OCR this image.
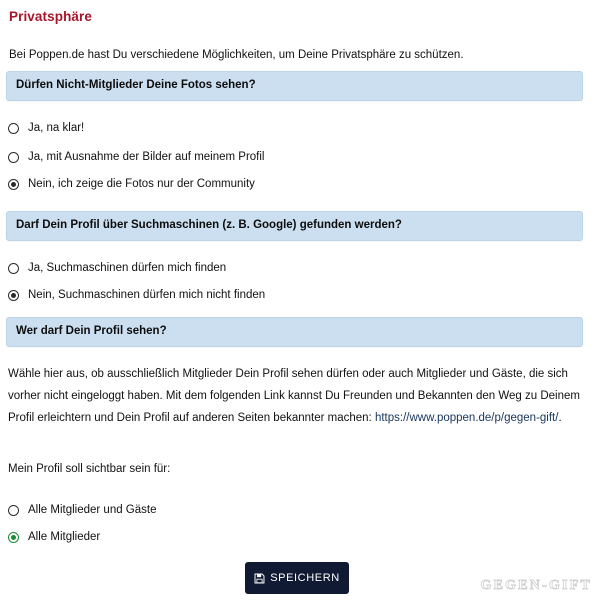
Privatsphäre
Bei Poppen.de hast Du verschiedene Möglichkeiten, um Deine Privatsphäre zu schützen.
Dürfen Nicht-Mitglieder Deine Fotos sehen?
Ja, na klar!
Ja, mit Ausnahme der Bilder auf meinem Profil
Nein, ich zeige die Fotos nur der Community
Darf Dein Profil über Suchmaschinen (z. B. Google) gefunden werden?
Ja, Suchmaschinen dürfen mich finden
Nein, Suchmaschinen dürfen mich nicht finden
Wer darf Dein Profil sehen?
Wähle hier aus, ob ausschließlich Mitglieder Dein Profil sehen dürfen oder auch Mitglieder und Gäste, die sich vorher nicht eingeloggt haben. Mit dem folgenden Link kannst Du Freunden und Bekannten den Weg zu Deinem Profil erleichtern und Dein Profil auf anderen Seiten bekannter machen: https://www.poppen.de/p/gegen-gift/.
Mein Profil soll sichtbar sein für:
Alle Mitglieder und Gäste
Alle Mitglieder
SPEICHERN	GEGEN-GIFT
